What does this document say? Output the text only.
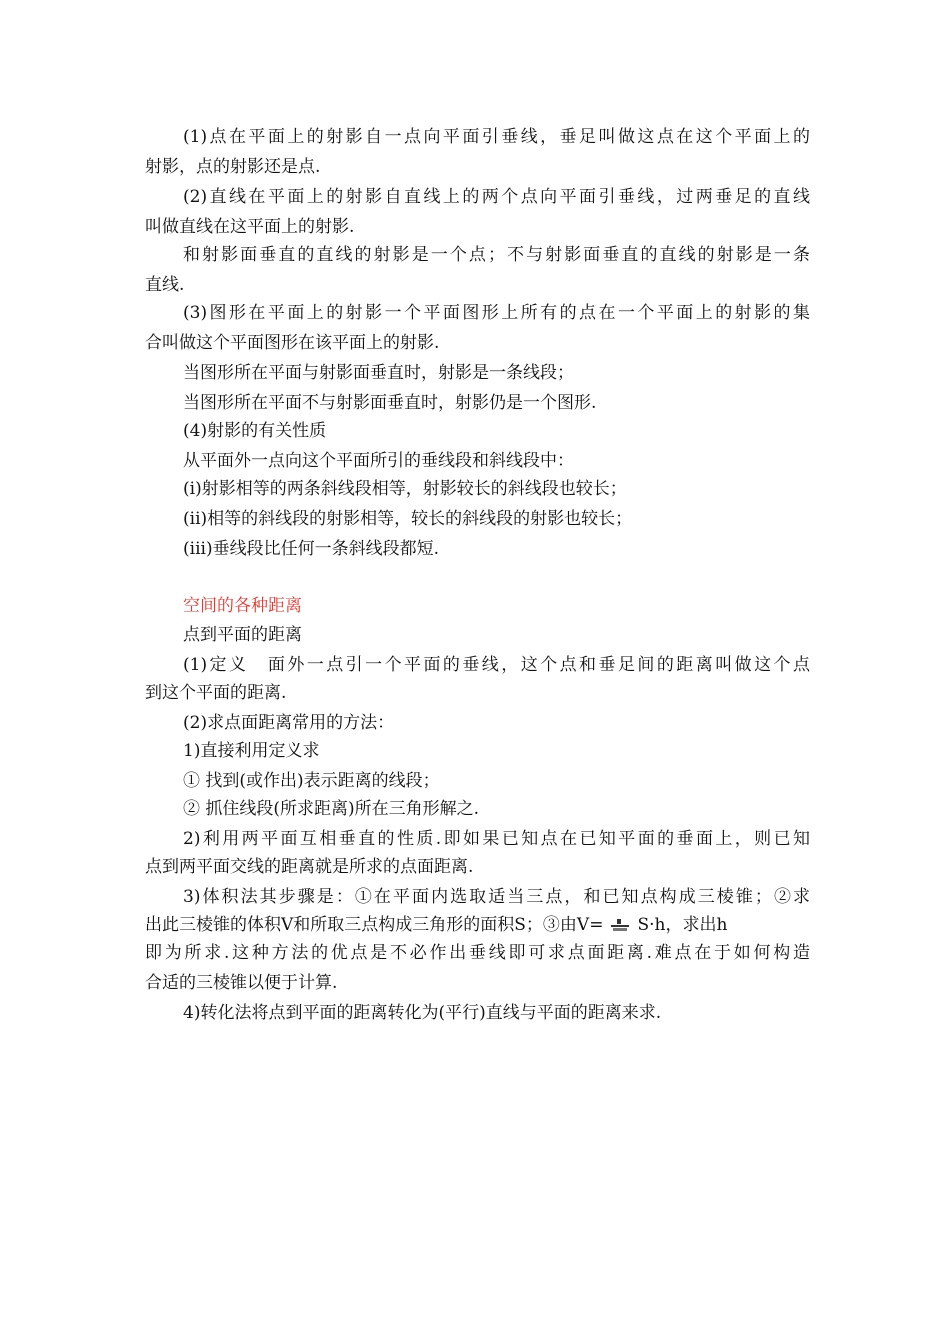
(1)点在平面上的射影自一点向平面引垂线，垂足叫做这点在这个平面上的
射影，点的射影还是点.
(2)直线在平面上的射影自直线上的两个点向平面引垂线，过两垂足的直线
叫做直线在这平面上的射影.
和射影面垂直的直线的射影是一个点；不与射影面垂直的直线的射影是一条
直线.
(3)图形在平面上的射影一个平面图形上所有的点在一个平面上的射影的集
合叫做这个平面图形在该平面上的射影.
当图形所在平面与射影面垂直时，射影是一条线段；
当图形所在平面不与射影面垂直时，射影仍是一个图形.
(4)射影的有关性质
从平面外一点向这个平面所引的垂线段和斜线段中：
(i)射影相等的两条斜线段相等，射影较长的斜线段也较长；
(ii)相等的斜线段的射影相等，较长的斜线段的射影也较长；
(iii)垂线段比任何一条斜线段都短.
空间的各种距离
点到平面的距离
(1)定义　面外一点引一个平面的垂线，这个点和垂足间的距离叫做这个点
到这个平面的距离.
(2)求点面距离常用的方法：
1)直接利用定义求
① 找到(或作出)表示距离的线段；
② 抓住线段(所求距离)所在三角形解之.
2)利用两平面互相垂直的性质.即如果已知点在已知平面的垂面上，则已知
点到两平面交线的距离就是所求的点面距离.
3)体积法其步骤是：①在平面内选取适当三点，和已知点构成三棱锥；②求
出此三棱锥的体积V和所取三点构成三角形的面积S；③由V= S·h，求出h
即为所求.这种方法的优点是不必作出垂线即可求点面距离.难点在于如何构造
合适的三棱锥以便于计算.
4)转化法将点到平面的距离转化为(平行)直线与平面的距离来求.
